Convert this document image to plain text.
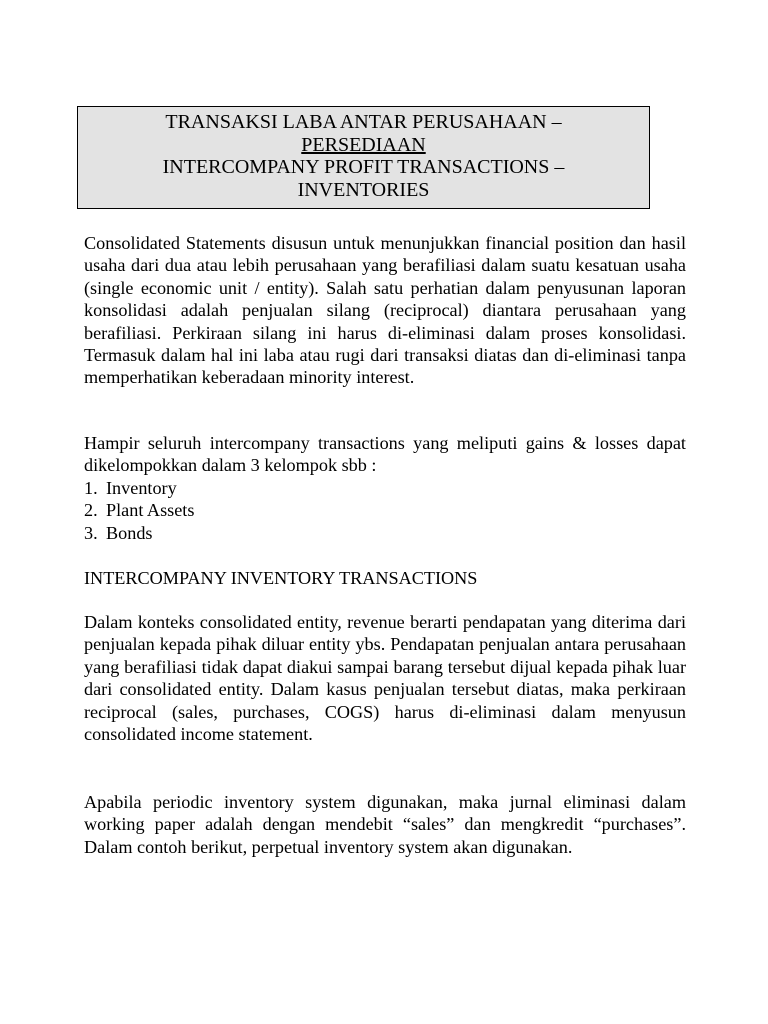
TRANSAKSI LABA ANTAR PERUSAHAAN –
PERSEDIAAN
INTERCOMPANY PROFIT TRANSACTIONS –
INVENTORIES

Consolidated Statements disusun untuk menunjukkan financial position dan hasil usaha dari dua atau lebih perusahaan yang berafiliasi dalam suatu kesatuan usaha (single economic unit / entity). Salah satu perhatian dalam penyusunan laporan konsolidasi adalah penjualan silang (reciprocal) diantara perusahaan yang berafiliasi. Perkiraan silang ini harus di-eliminasi dalam proses konsolidasi. Termasuk dalam hal ini laba atau rugi dari transaksi diatas dan di-eliminasi tanpa memperhatikan keberadaan minority interest.

Hampir seluruh intercompany transactions yang meliputi gains & losses dapat dikelompokkan dalam 3 kelompok sbb :

1. Inventory
2. Plant Assets
3. Bonds

INTERCOMPANY INVENTORY TRANSACTIONS

Dalam konteks consolidated entity, revenue berarti pendapatan yang diterima dari penjualan kepada pihak diluar entity ybs. Pendapatan penjualan antara perusahaan yang berafiliasi tidak dapat diakui sampai barang tersebut dijual kepada pihak luar dari consolidated entity. Dalam kasus penjualan tersebut diatas, maka perkiraan reciprocal (sales, purchases, COGS) harus di-eliminasi dalam menyusun consolidated income statement.

Apabila periodic inventory system digunakan, maka jurnal eliminasi dalam working paper adalah dengan mendebit “sales” dan mengkredit “purchases”. Dalam contoh berikut, perpetual inventory system akan digunakan.
